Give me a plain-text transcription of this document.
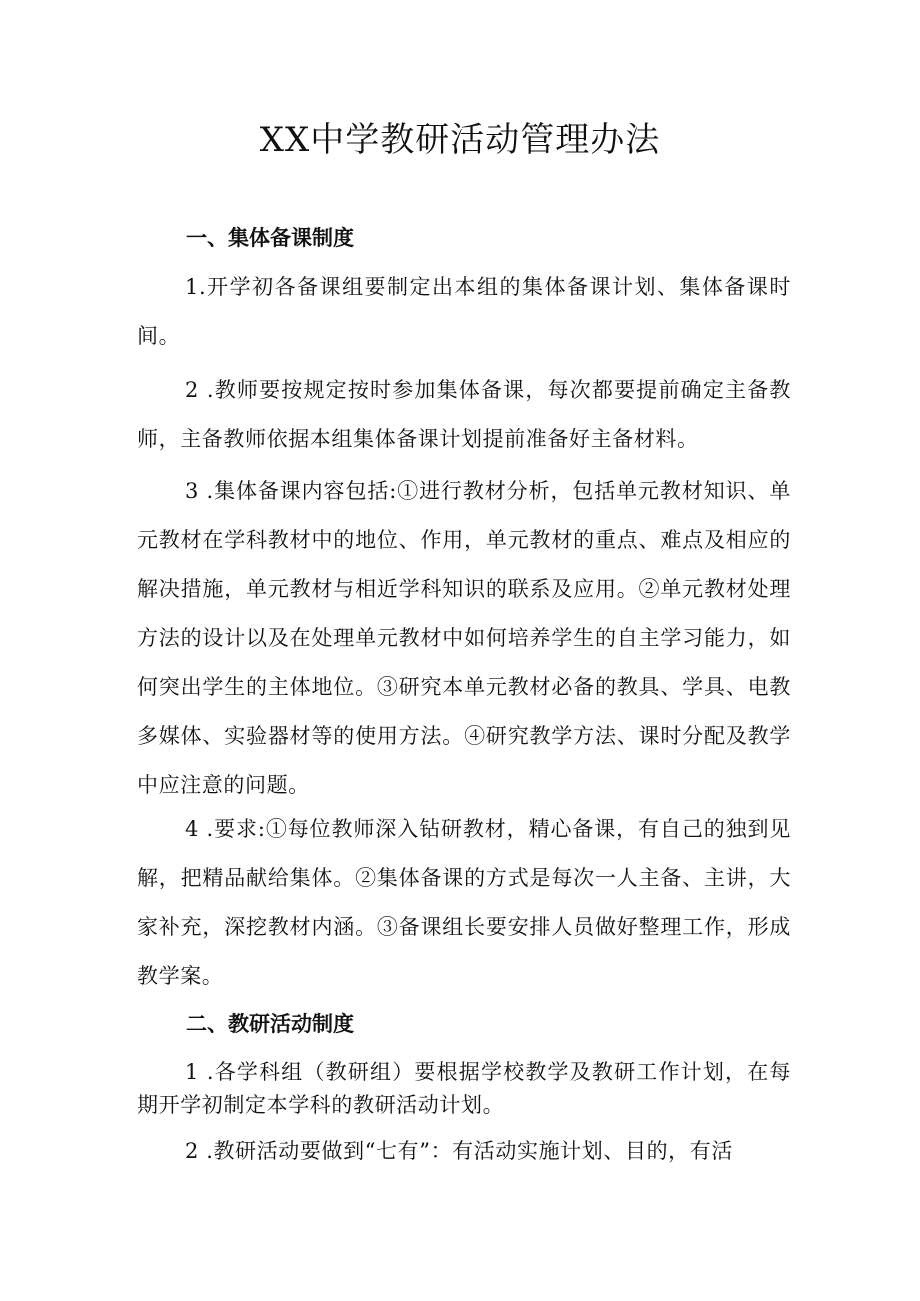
XX中学教研活动管理办法
一、集体备课制度

1.开学初各备课组要制定出本组的集体备课计划、集体备课时间。

2 .教师要按规定按时参加集体备课，每次都要提前确定主备教师，主备教师依据本组集体备课计划提前准备好主备材料。

3 .集体备课内容包括:①进行教材分析，包括单元教材知识、单元教材在学科教材中的地位、作用，单元教材的重点、难点及相应的解决措施，单元教材与相近学科知识的联系及应用。②单元教材处理方法的设计以及在处理单元教材中如何培养学生的自主学习能力，如何突出学生的主体地位。③研究本单元教材必备的教具、学具、电教多媒体、实验器材等的使用方法。④研究教学方法、课时分配及教学中应注意的问题。

4 .要求:①每位教师深入钻研教材，精心备课，有自己的独到见解，把精品献给集体。②集体备课的方式是每次一人主备、主讲，大家补充，深挖教材内涵。③备课组长要安排人员做好整理工作，形成教学案。

二、教研活动制度

1 .各学科组（教研组）要根据学校教学及教研工作计划，在每期开学初制定本学科的教研活动计划。

2 .教研活动要做到“七有”：有活动实施计划、目的，有活
